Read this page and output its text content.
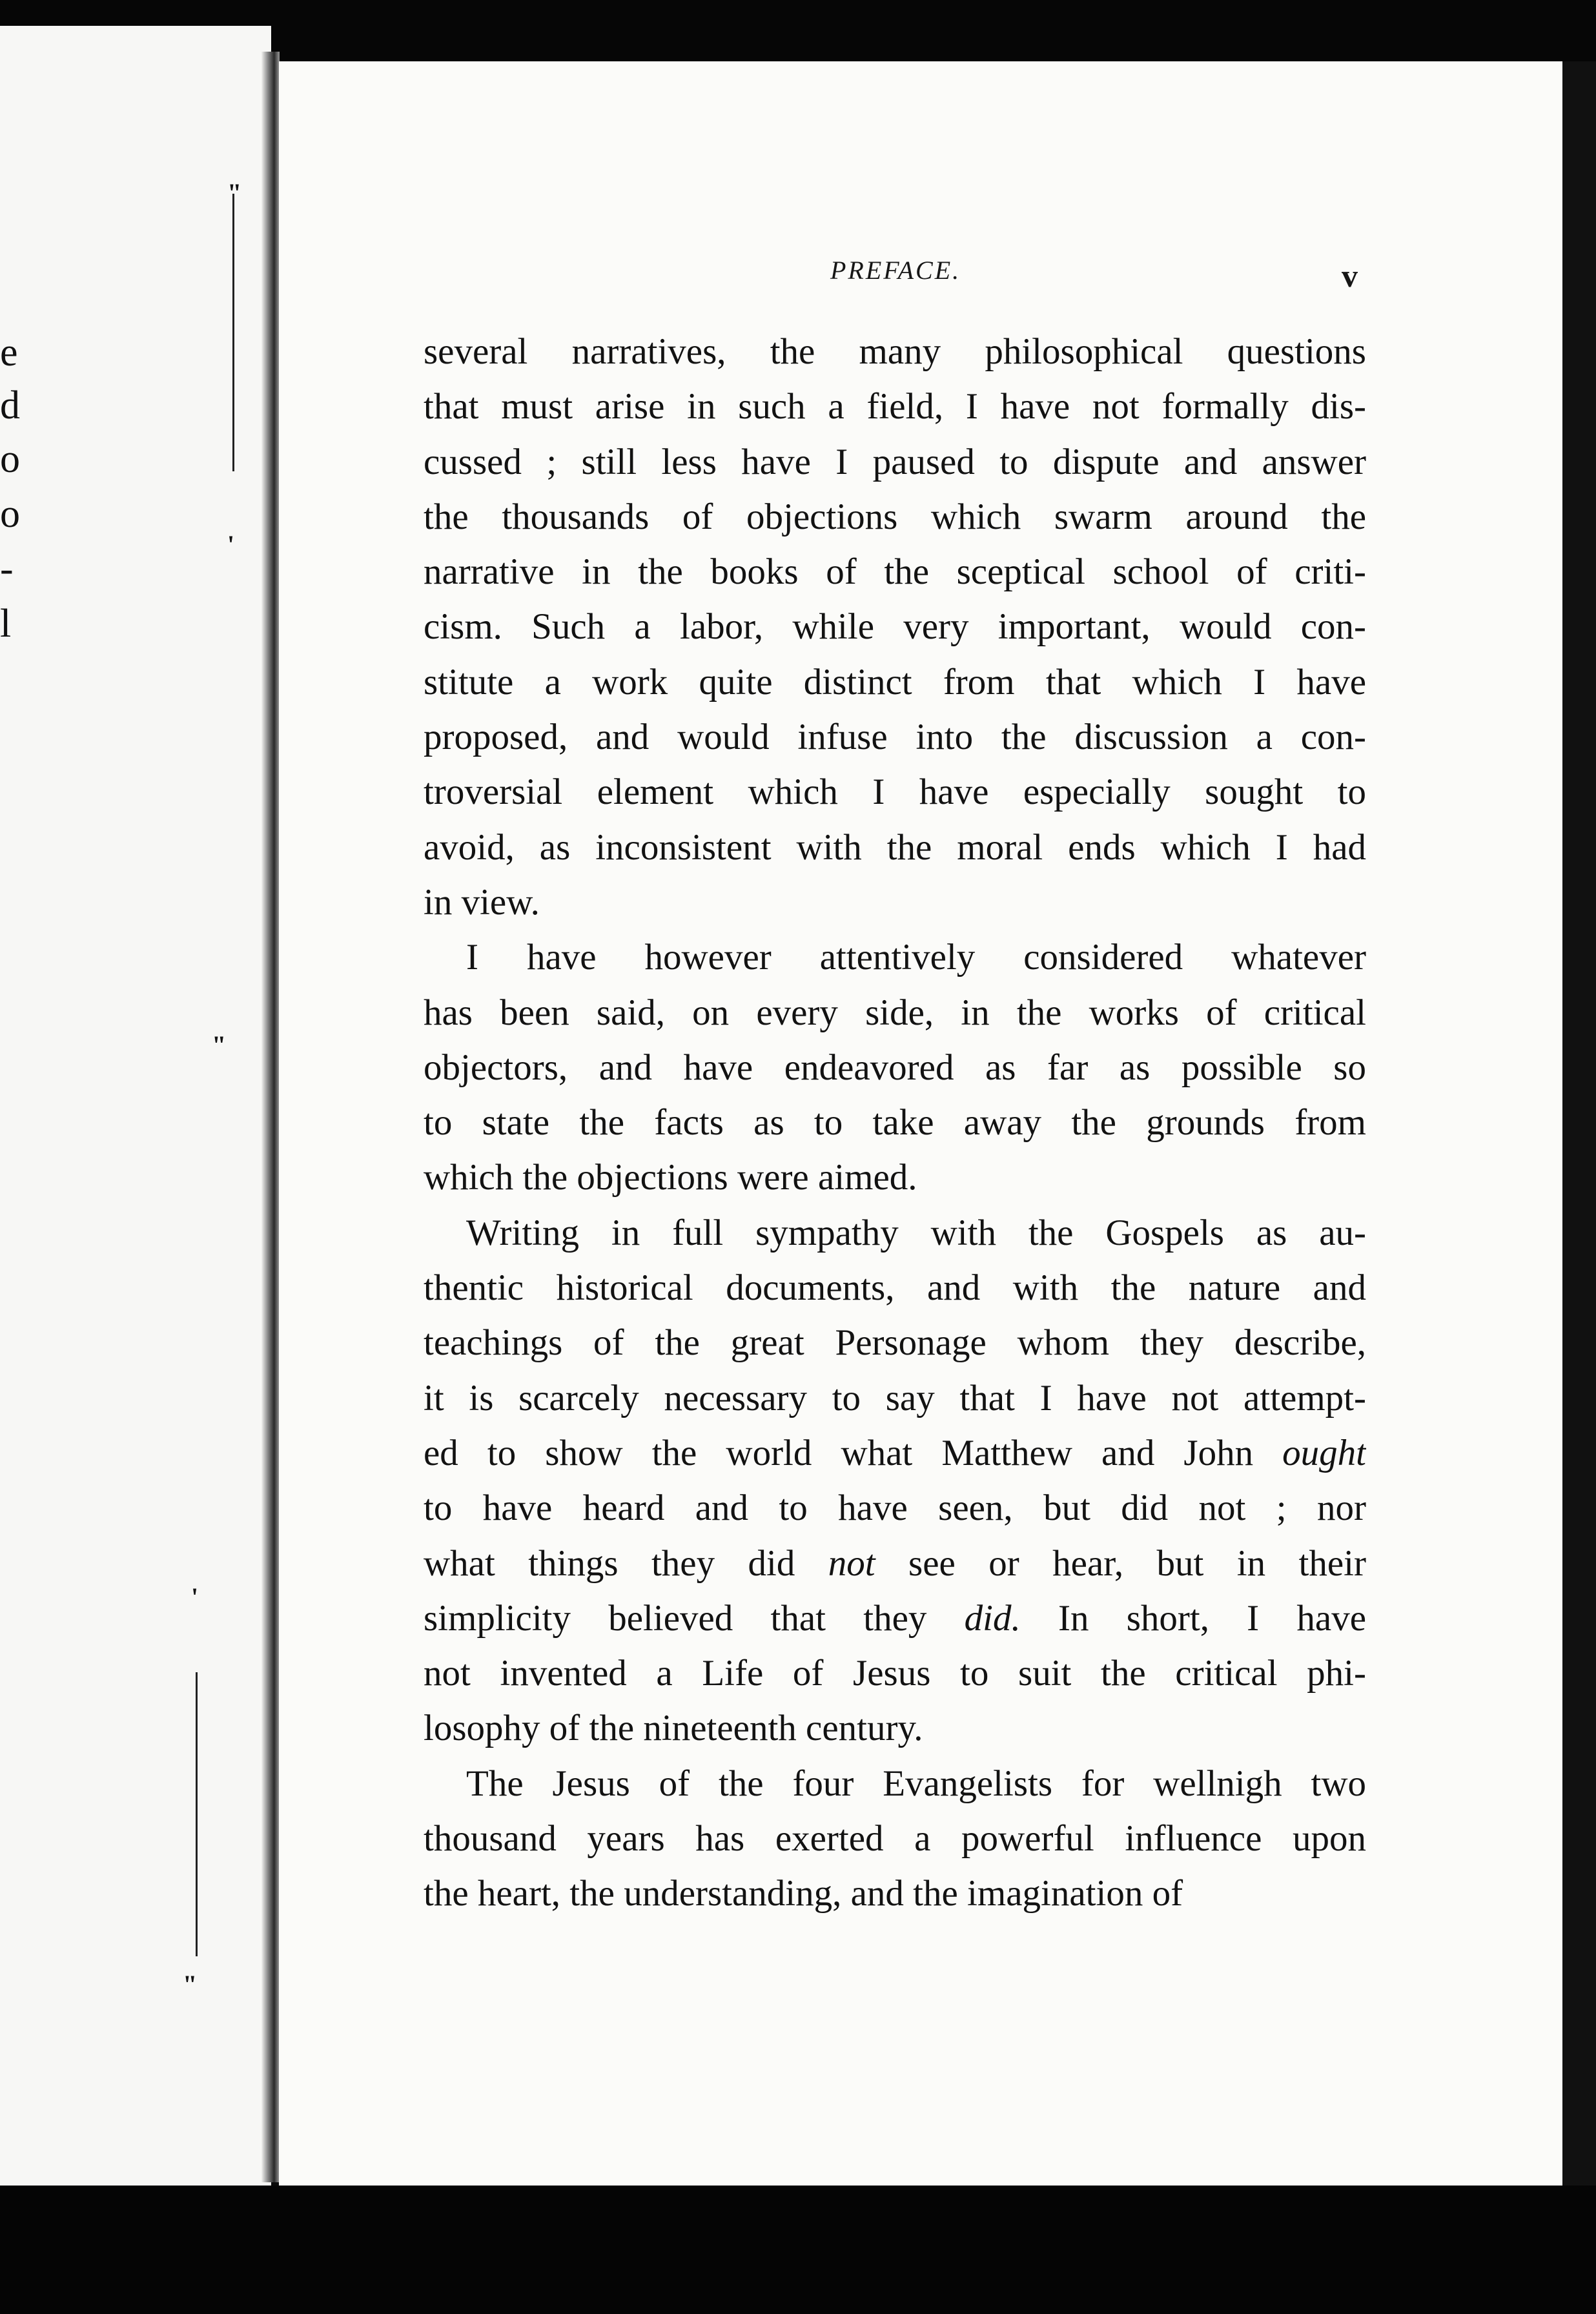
e
d
o
o
-
l
"
'
"
'
"
PREFACE.	v
several narratives, the many philosophical questions
that must arise in such a field, I have not formally dis-
cussed ; still less have I paused to dispute and answer
the thousands of objections which swarm around the
narrative in the books of the sceptical school of criti-
cism. Such a labor, while very important, would con-
stitute a work quite distinct from that which I have
proposed, and would infuse into the discussion a con-
troversial element which I have especially sought to
avoid, as inconsistent with the moral ends which I had
in view.
I have however attentively considered whatever
has been said, on every side, in the works of critical
objectors, and have endeavored as far as possible so
to state the facts as to take away the grounds from
which the objections were aimed.
Writing in full sympathy with the Gospels as au-
thentic historical documents, and with the nature and
teachings of the great Personage whom they describe,
it is scarcely necessary to say that I have not attempt-
ed to show the world what Matthew and John ought
to have heard and to have seen, but did not ; nor
what things they did not see or hear, but in their
simplicity believed that they did. In short, I have
not invented a Life of Jesus to suit the critical phi-
losophy of the nineteenth century.
The Jesus of the four Evangelists for wellnigh two
thousand years has exerted a powerful influence upon
the heart, the understanding, and the imagination of
